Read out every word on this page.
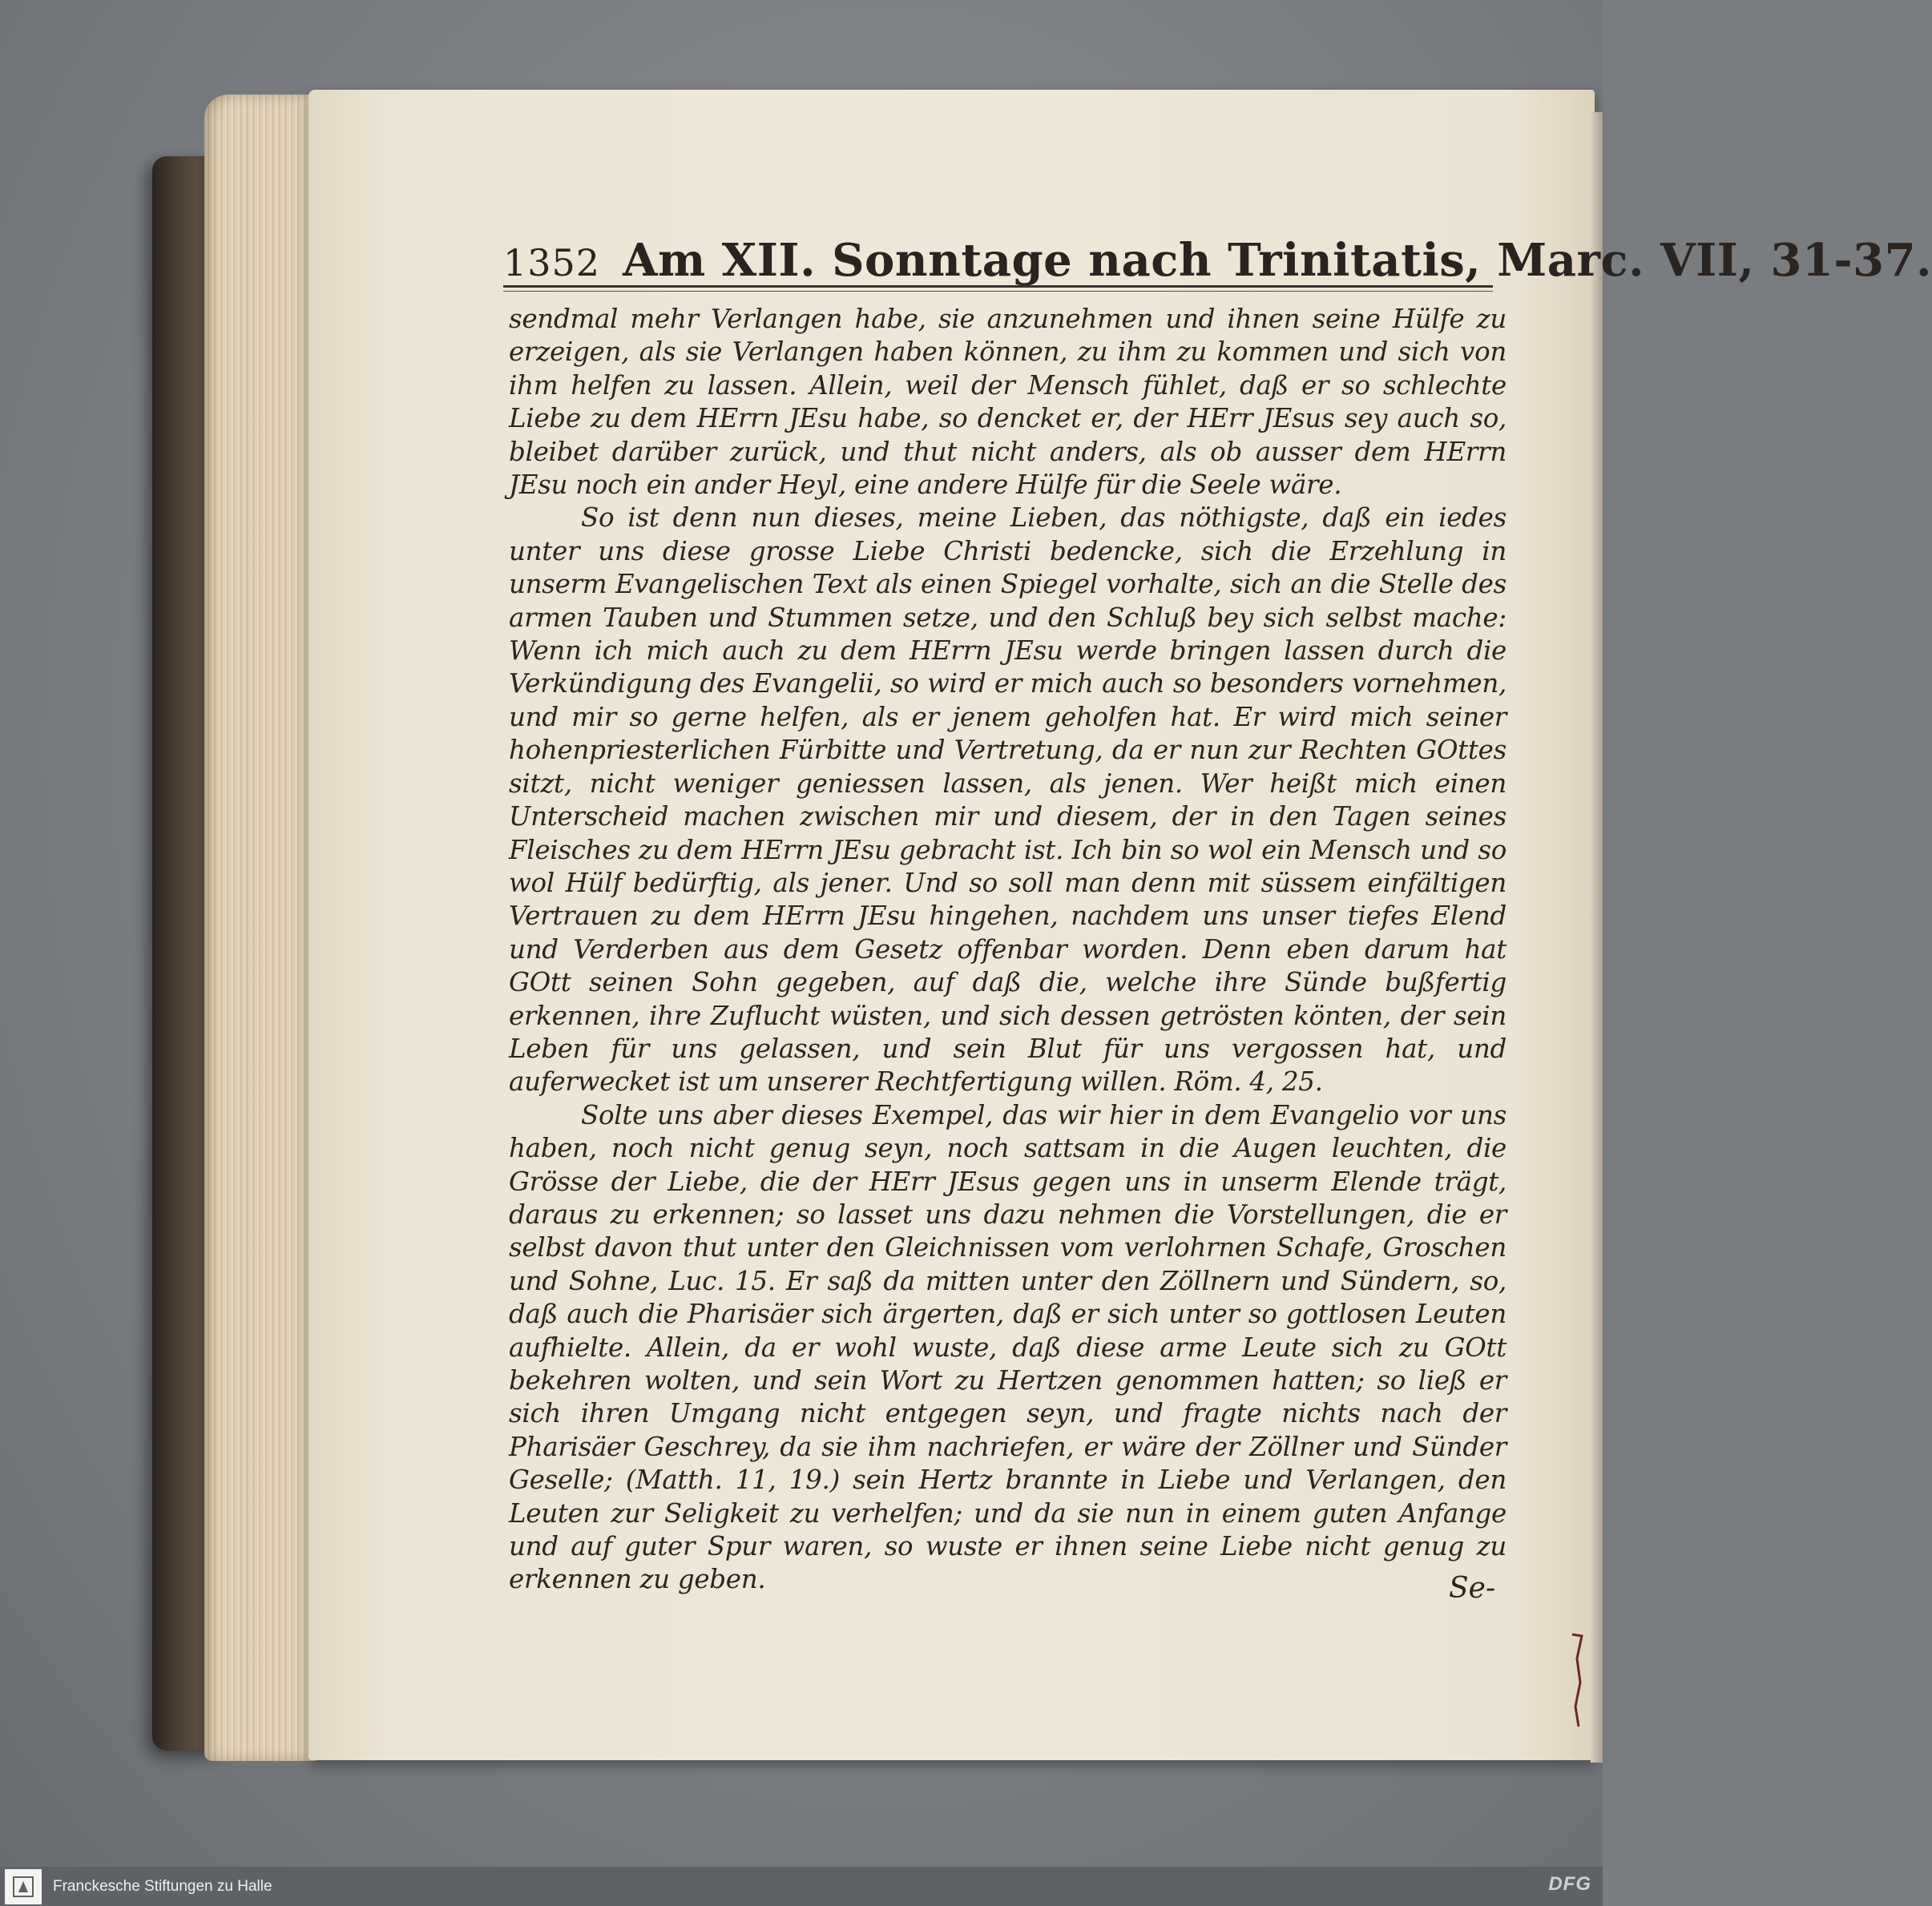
1352 Am XII. Sonntage nach Trinitatis, Marc. VII, 31-37.

sendmal mehr Verlangen habe, sie anzunehmen und ihnen seine Hülfe zu erzeigen, als sie Verlangen haben können, zu ihm zu kommen und sich von ihm helfen zu lassen. Allein, weil der Mensch fühlet, daß er so schlechte Liebe zu dem HErrn JEsu habe, so dencket er, der HErr JEsus sey auch so, bleibet darüber zurück, und thut nicht anders, als ob ausser dem HErrn JEsu noch ein ander Heyl, eine andere Hülfe für die Seele wäre.

So ist denn nun dieses, meine Lieben, das nöthigste, daß ein iedes unter uns diese grosse Liebe Christi bedencke, sich die Erzehlung in unserm Evangelischen Text als einen Spiegel vorhalte, sich an die Stelle des armen Tauben und Stummen setze, und den Schluß bey sich selbst mache: Wenn ich mich auch zu dem HErrn JEsu werde bringen lassen durch die Verkündigung des Evangelii, so wird er mich auch so besonders vornehmen, und mir so gerne helfen, als er jenem geholfen hat. Er wird mich seiner hohenpriesterlichen Fürbitte und Vertretung, da er nun zur Rechten GOttes sitzt, nicht weniger geniessen lassen, als jenen. Wer heißt mich einen Unterscheid machen zwischen mir und diesem, der in den Tagen seines Fleisches zu dem HErrn JEsu gebracht ist. Ich bin so wol ein Mensch und so wol Hülf bedürftig, als jener. Und so soll man denn mit süssem einfältigen Vertrauen zu dem HErrn JEsu hingehen, nachdem uns unser tiefes Elend und Verderben aus dem Gesetz offenbar worden. Denn eben darum hat GOtt seinen Sohn gegeben, auf daß die, welche ihre Sünde bußfertig erkennen, ihre Zuflucht wüsten, und sich dessen getrösten könten, der sein Leben für uns gelassen, und sein Blut für uns vergossen hat, und auferwecket ist um unserer Rechtfertigung willen. Röm. 4, 25.

Solte uns aber dieses Exempel, das wir hier in dem Evangelio vor uns haben, noch nicht genug seyn, noch sattsam in die Augen leuchten, die Grösse der Liebe, die der HErr JEsus gegen uns in unserm Elende trägt, daraus zu erkennen; so lasset uns dazu nehmen die Vorstellungen, die er selbst davon thut unter den Gleichnissen vom verlohrnen Schafe, Groschen und Sohne, Luc. 15. Er saß da mitten unter den Zöllnern und Sündern, so, daß auch die Pharisäer sich ärgerten, daß er sich unter so gottlosen Leuten aufhielte. Allein, da er wohl wuste, daß diese arme Leute sich zu GOtt bekehren wolten, und sein Wort zu Hertzen genommen hatten; so ließ er sich ihren Umgang nicht entgegen seyn, und fragte nichts nach der Pharisäer Geschrey, da sie ihm nachriefen, er wäre der Zöllner und Sünder Geselle; (Matth. 11, 19.) sein Hertz brannte in Liebe und Verlangen, den Leuten zur Seligkeit zu verhelfen; und da sie nun in einem guten Anfange und auf guter Spur waren, so wuste er ihnen seine Liebe nicht genug zu erkennen zu geben.	Se-
Franckesche Stiftungen zu Halle	DFG
